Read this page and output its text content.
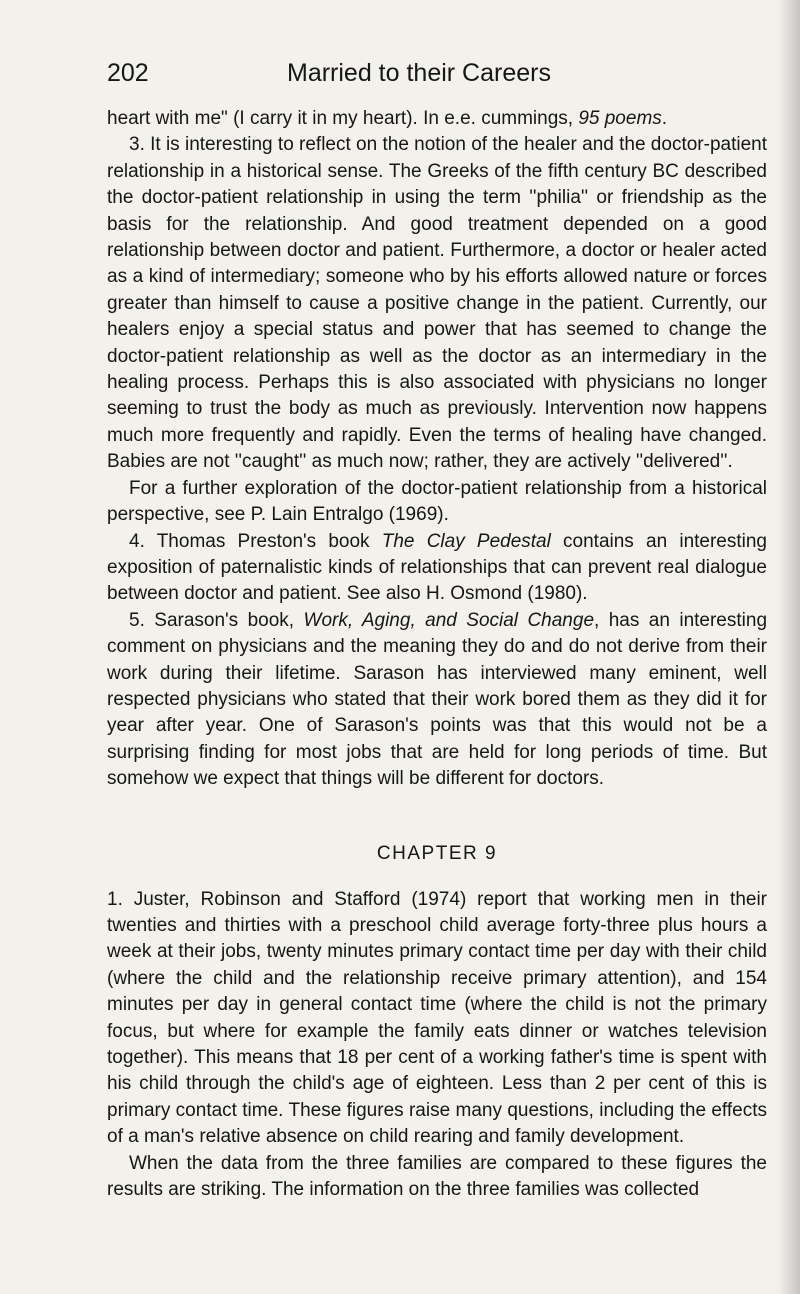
202	Married to their Careers

heart with me" (I carry it in my heart). In e.e. cummings, 95 poems.

3. It is interesting to reflect on the notion of the healer and the doctor-patient relationship in a historical sense. The Greeks of the fifth century BC described the doctor-patient relationship in using the term ''philia'' or friendship as the basis for the relationship. And good treatment depended on a good relationship between doctor and patient. Furthermore, a doctor or healer acted as a kind of intermediary; someone who by his efforts allowed nature or forces greater than himself to cause a positive change in the patient. Currently, our healers enjoy a special status and power that has seemed to change the doctor-patient relationship as well as the doctor as an intermediary in the healing process. Perhaps this is also associated with physicians no longer seeming to trust the body as much as previously. Intervention now happens much more frequently and rapidly. Even the terms of healing have changed. Babies are not ''caught'' as much now; rather, they are actively ''delivered''.

For a further exploration of the doctor-patient relationship from a historical perspective, see P. Lain Entralgo (1969).

4. Thomas Preston's book The Clay Pedestal contains an interesting exposition of paternalistic kinds of relationships that can prevent real dialogue between doctor and patient. See also H. Osmond (1980).

5. Sarason's book, Work, Aging, and Social Change, has an interesting comment on physicians and the meaning they do and do not derive from their work during their lifetime. Sarason has interviewed many eminent, well respected physicians who stated that their work bored them as they did it for year after year. One of Sarason's points was that this would not be a surprising finding for most jobs that are held for long periods of time. But somehow we expect that things will be different for doctors.

CHAPTER 9

1. Juster, Robinson and Stafford (1974) report that working men in their twenties and thirties with a preschool child average forty-three plus hours a week at their jobs, twenty minutes primary contact time per day with their child (where the child and the relationship receive primary attention), and 154 minutes per day in general contact time (where the child is not the primary focus, but where for example the family eats dinner or watches television together). This means that 18 per cent of a working father's time is spent with his child through the child's age of eighteen. Less than 2 per cent of this is primary contact time. These figures raise many questions, including the effects of a man's relative absence on child rearing and family development.

When the data from the three families are compared to these figures the results are striking. The information on the three families was collected
